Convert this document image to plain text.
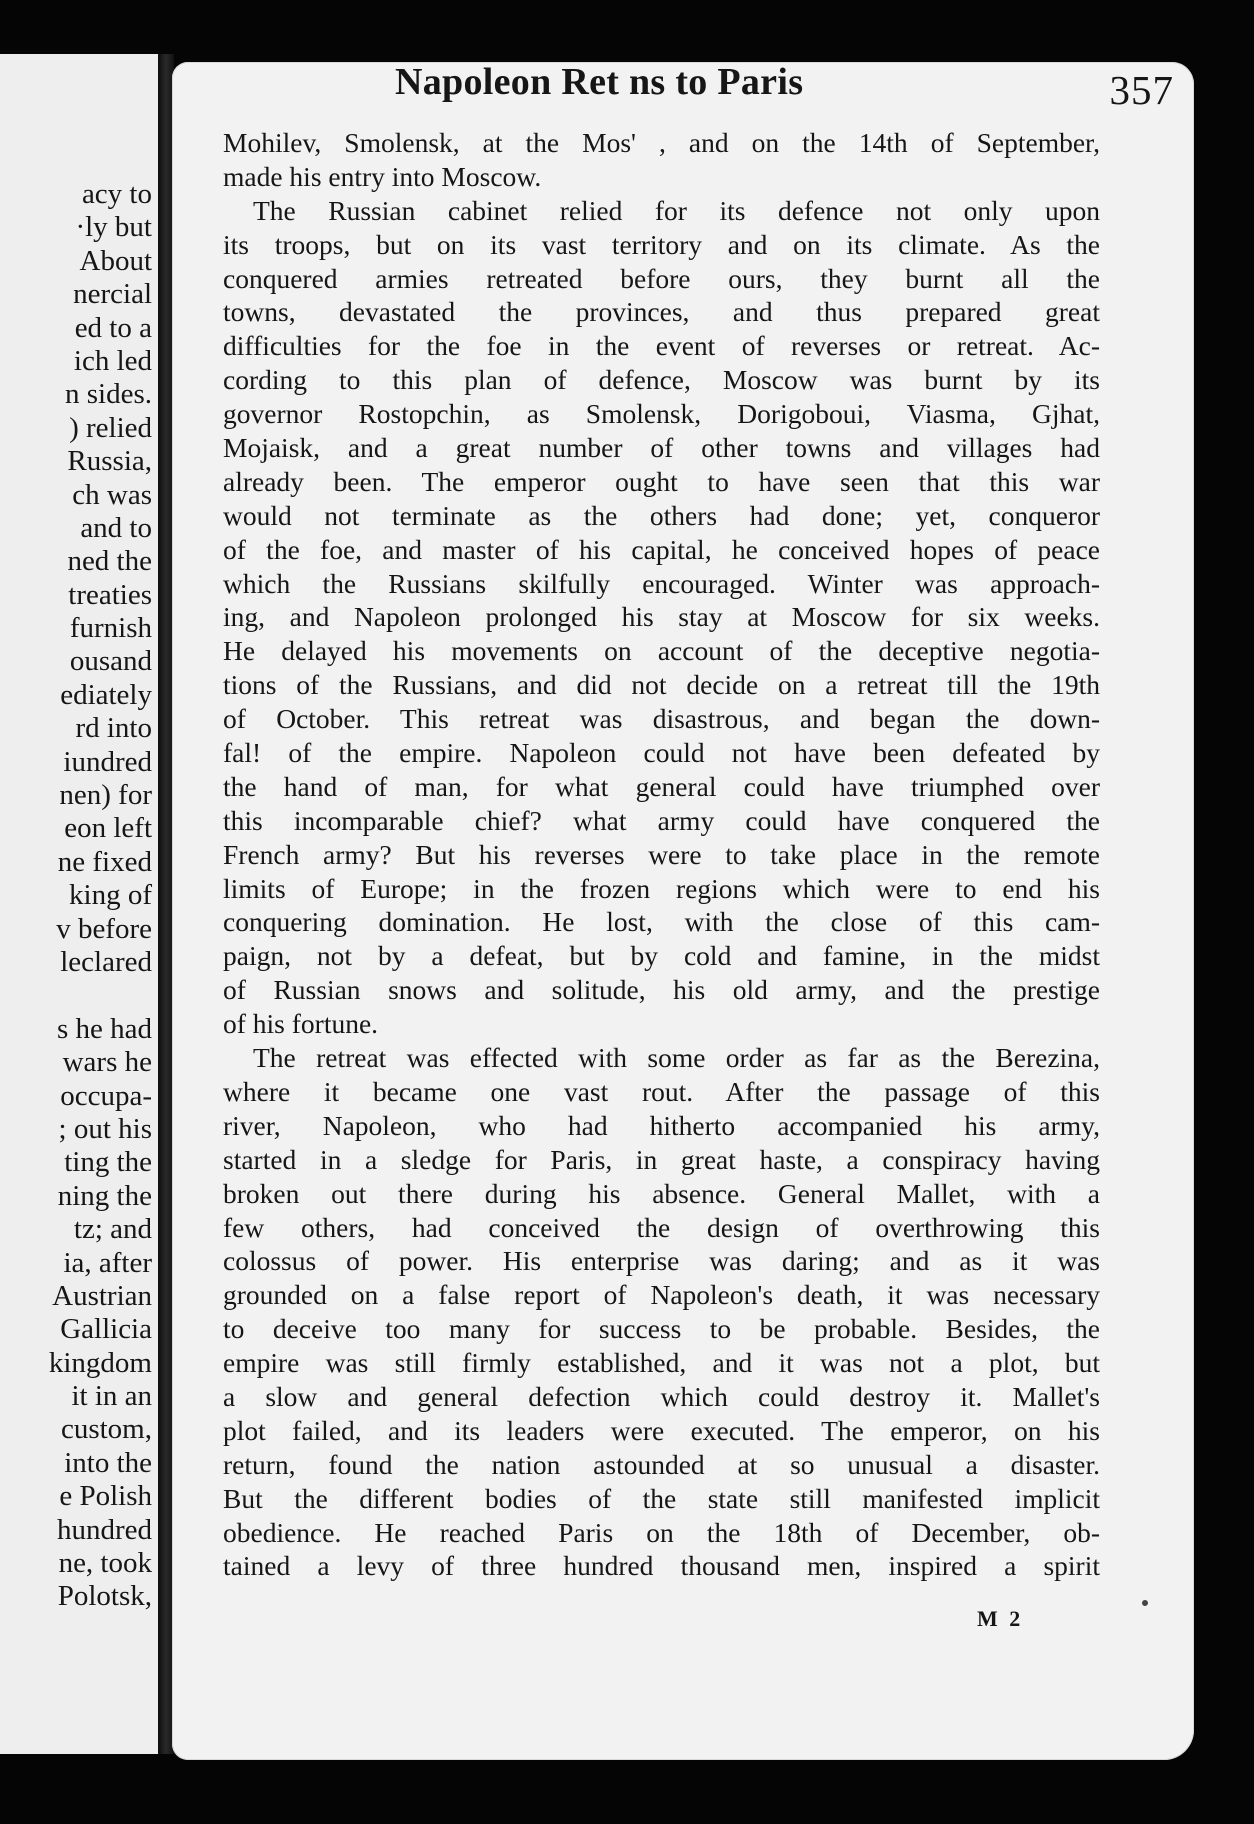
acy to
·ly but
About
nercial
ed to a
ich led
n sides.
) relied
Russia,
ch was
and to
ned the
treaties
furnish
ousand
ediately
rd into
iundred
nen) for
eon left
ne fixed
king of
v before
leclared
s he had
wars he
occupa-
; out his
ting the
ning the
tz; and
ia, after
Austrian
Gallicia
kingdom
it in an
custom,
into the
e Polish
hundred
ne, took
Polotsk,
Napoleon Ret ns to Paris	357
Mohilev, Smolensk, at the Mos' , and on the 14th of September,
made his entry into Moscow.
The Russian cabinet relied for its defence not only upon
its troops, but on its vast territory and on its climate. As the
conquered armies retreated before ours, they burnt all the
towns, devastated the provinces, and thus prepared great
difficulties for the foe in the event of reverses or retreat. Ac-
cording to this plan of defence, Moscow was burnt by its
governor Rostopchin, as Smolensk, Dorigoboui, Viasma, Gjhat,
Mojaisk, and a great number of other towns and villages had
already been. The emperor ought to have seen that this war
would not terminate as the others had done; yet, conqueror
of the foe, and master of his capital, he conceived hopes of peace
which the Russians skilfully encouraged. Winter was approach-
ing, and Napoleon prolonged his stay at Moscow for six weeks.
He delayed his movements on account of the deceptive negotia-
tions of the Russians, and did not decide on a retreat till the 19th
of October. This retreat was disastrous, and began the down-
fal! of the empire. Napoleon could not have been defeated by
the hand of man, for what general could have triumphed over
this incomparable chief? what army could have conquered the
French army? But his reverses were to take place in the remote
limits of Europe; in the frozen regions which were to end his
conquering domination. He lost, with the close of this cam-
paign, not by a defeat, but by cold and famine, in the midst
of Russian snows and solitude, his old army, and the prestige
of his fortune.
The retreat was effected with some order as far as the Berezina,
where it became one vast rout. After the passage of this
river, Napoleon, who had hitherto accompanied his army,
started in a sledge for Paris, in great haste, a conspiracy having
broken out there during his absence. General Mallet, with a
few others, had conceived the design of overthrowing this
colossus of power. His enterprise was daring; and as it was
grounded on a false report of Napoleon's death, it was necessary
to deceive too many for success to be probable. Besides, the
empire was still firmly established, and it was not a plot, but
a slow and general defection which could destroy it. Mallet's
plot failed, and its leaders were executed. The emperor, on his
return, found the nation astounded at so unusual a disaster.
But the different bodies of the state still manifested implicit
obedience. He reached Paris on the 18th of December, ob-
tained a levy of three hundred thousand men, inspired a spirit
M 2
